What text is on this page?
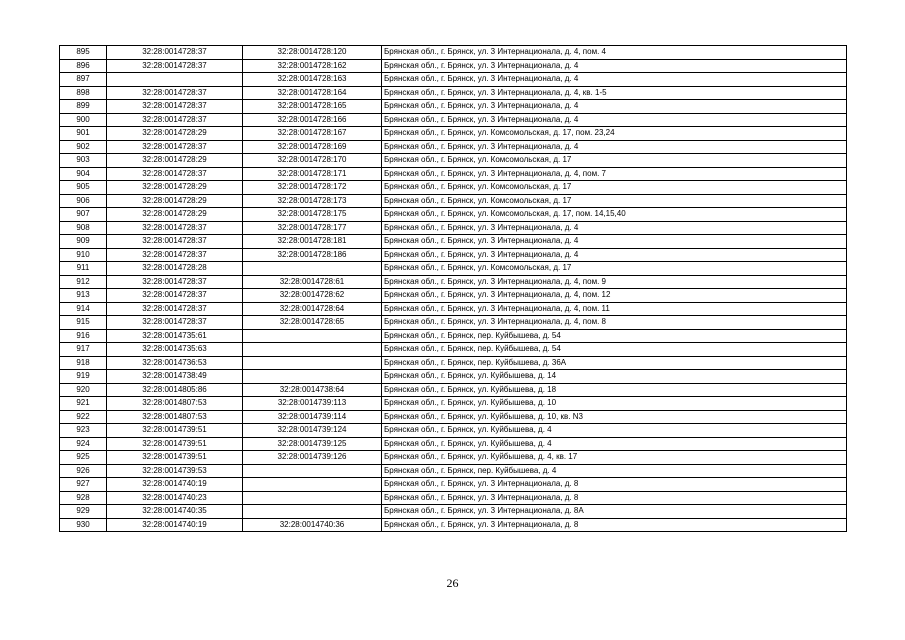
895	32:28:0014728:37	32:28:0014728:120	Брянская обл., г. Брянск, ул. 3 Интернационала, д. 4, пом. 4
896	32:28:0014728:37	32:28:0014728:162	Брянская обл., г. Брянск, ул. 3 Интернационала, д. 4
897		32:28:0014728:163	Брянская обл., г. Брянск, ул. 3 Интернационала, д. 4
898	32:28:0014728:37	32:28:0014728:164	Брянская обл., г. Брянск, ул. 3 Интернационала, д. 4, кв. 1-5
899	32:28:0014728:37	32:28:0014728:165	Брянская обл., г. Брянск, ул. 3 Интернационала, д. 4
900	32:28:0014728:37	32:28:0014728:166	Брянская обл., г. Брянск, ул. 3 Интернационала, д. 4
901	32:28:0014728:29	32:28:0014728:167	Брянская обл., г. Брянск, ул. Комсомольская, д. 17, пом. 23,24
902	32:28:0014728:37	32:28:0014728:169	Брянская обл., г. Брянск, ул. 3 Интернационала, д. 4
903	32:28:0014728:29	32:28:0014728:170	Брянская обл., г. Брянск, ул. Комсомольская, д. 17
904	32:28:0014728:37	32:28:0014728:171	Брянская обл., г. Брянск, ул. 3 Интернационала, д. 4, пом. 7
905	32:28:0014728:29	32:28:0014728:172	Брянская обл., г. Брянск, ул. Комсомольская, д. 17
906	32:28:0014728:29	32:28:0014728:173	Брянская обл., г. Брянск, ул. Комсомольская, д. 17
907	32:28:0014728:29	32:28:0014728:175	Брянская обл., г. Брянск, ул. Комсомольская, д. 17, пом. 14,15,40
908	32:28:0014728:37	32:28:0014728:177	Брянская обл., г. Брянск, ул. 3 Интернационала, д. 4
909	32:28:0014728:37	32:28:0014728:181	Брянская обл., г. Брянск, ул. 3 Интернационала, д. 4
910	32:28:0014728:37	32:28:0014728:186	Брянская обл., г. Брянск, ул. 3 Интернационала, д. 4
911	32:28:0014728:28		Брянская обл., г. Брянск, ул. Комсомольская, д. 17
912	32:28:0014728:37	32:28:0014728:61	Брянская обл., г. Брянск, ул. 3 Интернационала, д. 4, пом. 9
913	32:28:0014728:37	32:28:0014728:62	Брянская обл., г. Брянск, ул. 3 Интернационала, д. 4, пом. 12
914	32:28:0014728:37	32:28:0014728:64	Брянская обл., г. Брянск, ул. 3 Интернационала, д. 4, пом. 11
915	32:28:0014728:37	32:28:0014728:65	Брянская обл., г. Брянск, ул. 3 Интернационала, д. 4, пом. 8
916	32:28:0014735:61		Брянская обл., г. Брянск, пер. Куйбышева, д. 54
917	32:28:0014735:63		Брянская обл., г. Брянск, пер. Куйбышева, д. 54
918	32:28:0014736:53		Брянская обл., г. Брянск, пер. Куйбышева, д. 36А
919	32:28:0014738:49		Брянская обл., г. Брянск, ул. Куйбышева, д. 14
920	32:28:0014805:86	32:28:0014738:64	Брянская обл., г. Брянск, ул. Куйбышева, д. 18
921	32:28:0014807:53	32:28:0014739:113	Брянская обл., г. Брянск, ул. Куйбышева, д. 10
922	32:28:0014807:53	32:28:0014739:114	Брянская обл., г. Брянск, ул. Куйбышева, д. 10, кв. N3
923	32:28:0014739:51	32:28:0014739:124	Брянская обл., г. Брянск, ул. Куйбышева, д. 4
924	32:28:0014739:51	32:28:0014739:125	Брянская обл., г. Брянск, ул. Куйбышева, д. 4
925	32:28:0014739:51	32:28:0014739:126	Брянская обл., г. Брянск, ул. Куйбышева, д. 4, кв. 17
926	32:28:0014739:53		Брянская обл., г. Брянск, пер. Куйбышева, д. 4
927	32:28:0014740:19		Брянская обл., г. Брянск, ул. 3 Интернационала, д. 8
928	32:28:0014740:23		Брянская обл., г. Брянск, ул. 3 Интернационала, д. 8
929	32:28:0014740:35		Брянская обл., г. Брянск, ул. 3 Интернационала, д. 8А
930	32:28:0014740:19	32:28:0014740:36	Брянская обл., г. Брянск, ул. 3 Интернационала, д. 8
26
